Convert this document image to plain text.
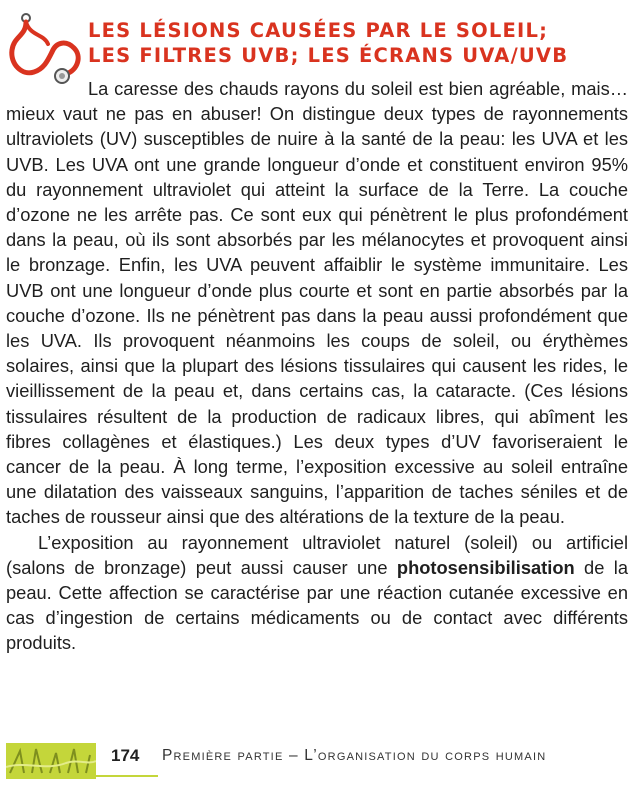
LES LÉSIONS CAUSÉES PAR LE SOLEIL;
LES FILTRES UVB; LES ÉCRANS UVA/UVB

La caresse des chauds rayons du soleil est bien agréable, mais… mieux vaut ne pas en abuser! On distingue deux types de rayonnements ultraviolets (UV) susceptibles de nuire à la santé de la peau: les UVA et les UVB. Les UVA ont une grande longueur d’onde et constituent environ 95% du rayonnement ultraviolet qui atteint la surface de la Terre. La couche d’ozone ne les arrête pas. Ce sont eux qui pénètrent le plus profondément dans la peau, où ils sont absorbés par les mélanocytes et provoquent ainsi le bronzage. Enfin, les UVA peuvent affaiblir le système immunitaire. Les UVB ont une longueur d’onde plus courte et sont en partie absorbés par la couche d’ozone. Ils ne pénètrent pas dans la peau aussi profondément que les UVA. Ils provoquent néanmoins les coups de soleil, ou érythèmes solaires, ainsi que la plupart des lésions tissulaires qui causent les rides, le vieillissement de la peau et, dans certains cas, la cataracte. (Ces lésions tissulaires résultent de la production de radicaux libres, qui abîment les fibres collagènes et élastiques.) Les deux types d’UV favoriseraient le cancer de la peau. À long terme, l’exposition excessive au soleil entraîne une dilatation des vaisseaux sanguins, l’apparition de taches séniles et de taches de rousseur ainsi que des altérations de la texture de la peau.

L’exposition au rayonnement ultraviolet naturel (soleil) ou artificiel (salons de bronzage) peut aussi causer une photosensibilisation de la peau. Cette affection se caractérise par une réaction cutanée excessive en cas d’ingestion de certains médicaments ou de contact avec différents produits.

174 Première partie – L’organisation du corps humain
